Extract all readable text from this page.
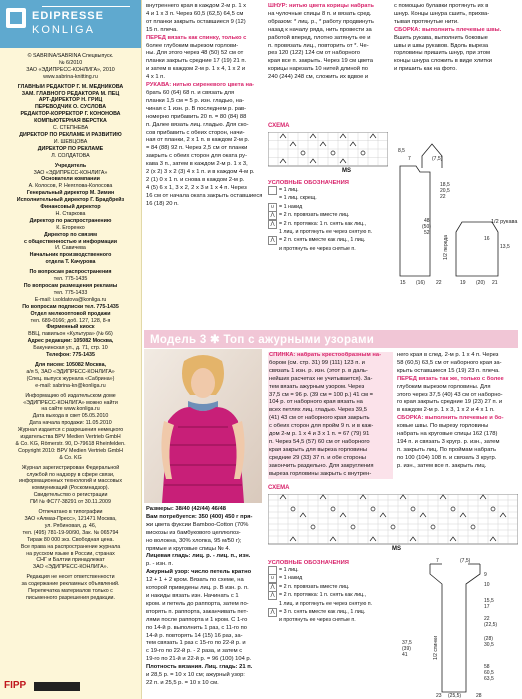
EDIPRESSE
KONLIGA
© SABRINA/SABRINA Спецвыпуск.
№ 6/2010
ЗАО «ЭДИПРЕСС-КОНЛИГА», 2010
www.sabrina-knitting.ru
ГЛАВНЫЙ РЕДАКТОР Г. М. МЕДНИКОВА
ЗАМ. ГЛАВНОГО РЕДАКТОРА М. ПЕЦ
АРТ-ДИРЕКТОР Н. ГРИЦ
ПЕРЕВОДЧИК О. СУСЛОВА
РЕДАКТОР-КОРРЕКТОР Г. КОНОНОВА
КОМПЬЮТЕРНАЯ ВЕРСТКА
С. СТЕПНЕВА
ДИРЕКТОР ПО РЕКЛАМЕ И РАЗВИТИЮ
И. ШЕВЦОВА
ДИРЕКТОР ПО РЕКЛАМЕ
Л. СОЛДАТОВА
Учредитель
ЗАО «ЭДИПРЕСС-КОНЛИГА»
Основатели компании
А. Колосов, Р. Неяглова-Колосова
Генеральный директор М. Зимин
Исполнительный директор Г. Брадбрейз
Финансовый директор
Н. Старкова
Директор по распространению
К. Егоренко
Директор по связям
с общественностью и информации
И. Савичева
Начальник производственного
отдела Т. Качурова
По вопросам распространения
тел. 775-1435
По вопросам размещения рекламы
тел. 775-1433
E-mail: i.soldatova@konliga.ru
По вопросам подписки тел. 775-1435
Отдел мелкооптовой продажи
тел. 689-0166; доб. 127, 128, 8-я
Фирменный киоск
ВВЦ, павильон «Культура» (№ 66)
Адрес редакции: 105082 Москва,
Бакунинская ул., д. 71, стр. 10
Телефон: 775-1435
Для писем: 105082 Москва,
а/я 5, ЗАО «ЭДИПРЕСС-КОНЛИГА»
(Спец. выпуск журнала «Сабрина»)
e-mail: sabrina-kn@konliga.ru
Информацию об издательском доме
«ЭДИПРЕСС-КОНЛИГА» можно найти
на сайте www.konliga.ru
Дата выхода в свет 05.05.2010
Дата начала продажи: 11.05.2010
Журнал издается с разрешения немецкого
издательства BPV Medien Vertrieb GmbH
& Co. KG, Römerstr. 90, D-79618 Rheinfelden.
Copyright 2010: BPV Medien Vertrieb GmbH
& Co. KG
Журнал зарегистрирован Федеральной
службой по надзору в сфере связи,
информационных технологий и массовых
коммуникаций (Роскомнадзор).
Свидетельство о регистрации
ПИ № ФС77-38291 от 30.11.2009
Отпечатано в типографии
ЗАО «Алмаз-Пресс», 121471 Москва,
ул. Рябиновая, д. 46,
тел. (495) 781-19-90/90, Зак. № 065794
Тираж 80 000 экз. Свободная цена.
Все права на распространение журнала
на русском языке в России, странах
СНГ и Балтии принадлежат
ЗАО «ЭДИПРЕСС-КОНЛИГА».
Редакция не несет ответственности
за содержание рекламных объявлений.
Перепечатка материалов только с
письменного разрешения редакции.
FIPP
внутреннего края в каждом 2-м р. 1 х
4 и 1 х 3 п. Через 60,5 (62,5) 64,5 см
от планки закрыть оставшиеся 9 (12)
15 п. плеча.
ПЕРЕД вязать как спинку, только с
более глубоким вырезом горлови-
ны. Для этого через 48 (50) 52 см от
планки закрыть средние 17 (19) 21 п.
и затем в каждом 2-м р. 1 х 4, 1 х 2 и
4 х 1 п.
РУКАВА: нитью сиреневого цвета на-
брать 60 (64) 68 п. и связать для
планки 1,5 см = 5 р. изн. гладью, на-
чиная с 1 изн. р. В последнем р. рав-
номерно прибавить 20 п. = 80 (84) 88
п. Далее вязать лиц. гладью. Для ско-
сов прибавить с обеих сторон, начи-
ная от планки, 2 х 1 п. в каждом 2-м р.
= 84 (88) 92 п. Через 2,5 см от планки
закрыть с обеих сторон для окатa ру-
кава 3 п., затем в каждом 2-м р. 1 х 3,
2 (х 2) 3 х 2 (3) 4 х 1 п. и в каждом 4-м р.
2 (1) 0 х 1 п. и снова в каждом 2-м р.
4 (5) 6 х 1, 3 х 2, 2 х 3 и 1 х 4 п. Через
16 см от начала окатa закрыть оставшиеся
16 (18) 20 п.
ШНУР: нитью цвета корицы набрать
на чулочные спицы 8 п. и вязать сред.
образом: * лиц. р., * работу продвинуть
назад к началу ряда, нить провести за
работой вперед, плотно затянуть ее и
п. провязать лиц., повторить от *. Че-
рез 120 (122) 124 см от наборного
края все п. закрыть. Через 19 см цвета
корицы нарезать 10 нитей длиной по
240 (244) 248 см, сложить их вдвое и
с помощью булавки протянуть их в
шнур. Концы шнура сшить, прихва-
тывая протянутые нити.
СБОРКА: выполнить плечевые швы.
Вшить рукава, выполнить боковые
швы и швы рукавов. Вдоль выреза
горловины пришить шнур, при этом
концы шнура сложить в виде хлитки
и пришить как на фото.
СХЕМА
MS
УСЛОВНЫЕ ОБОЗНАЧЕНИЯ
= 1 лиц.
= 1 лиц. скрещ.
∪ = 1 накид
⋀ = 2 п. провязать вместе лиц.
⋀ = 2 п. протяжка: 1 п. снять как лиц.,
1 лиц. и протянуть ее через снятую п.
⋀ = 2 п. снять вместе как лиц., 1 лиц.
и протянуть ее через снятые п.
8,5
7	(7,5)
18,5
20,5
22
48
(50)
52
15 (16) 22
16
13,5
19 (20) 21
1/2 рукава
1/2 переда
Модель 3 ✱ Топ с ажурными узорами
Размеры: 38/40 (42/44) 46/48
Вам потребуется: 350 (400) 450 г пря-
жи цвета фуксии Bamboo-Cotton (70%
вискозы из бамбукового целлюлоз-
но волокна, 30% хлопка, 95 м/50 г);
прямые и круговые спицы № 4.
Лицевая гладь: лиц. р. - лиц. п., изн.
р. - изн. п.
Ажурный узор: число петель кратно
12 + 1 + 2 кром. Вязать по схеме, на
которой приведены лиц. р. В изн. р. п.
и накиды вязать изн. Начинать с 1
кром. и петель до раппорта, затем по-
вторять п. раппорта, заканчивать пет-
лями после раппорта и 1 кром. С 1-го
по 14-й р. выполнить 1 раз, с 11-го по
14-й р. повторять 14 (15) 16 раз, за-
тем связать 1 раз с 15-го по 22-й р. и
с 19-го по 22-й р. - 2 раза, и затем с
19-го по 21-й и 22-й р. = 96 (100) 104 р.
Плотность вязания. Лиц. гладь: 21 п.
и 28,5 р. = 10 х 10 см; ажурный узор:
22 п. и 25,5 р. = 10 х 10 см.
СПИНКА: набрать крестообразным на-
бором (см. стр. 31) 99 (111) 123 п. и
связать 1 изн. р. изн. (этот р. в даль-
нейших расчетах не учитывается). За-
тем вязать ажурным узором. Через
37,5 см = 96 р. (39 см = 100 р.) 41 см =
104 р. от наборного края вязать на
всех петлях лиц. гладью. Через 39,5
(41) 43 см от наборного края закрыть
с обеих сторон для пройм 9 п. и в каж-
дом 2-м р. 1 х 4 и 3 х 1 п. = 67 (79) 91
п. Через 54,5 (57) 60 см от наборного
края закрыть для выреза горловины
средние 29 (33) 37 п. и обе стороны
закончить раздельно. Для закругления
выреза горловины закрыть с внутрен-
него края в след. 2-м р. 1 х 4 п. Через
58 (60,5) 63,5 см от наборного края за-
крыть оставшиеся 15 (19) 23 п. плеча.
ПЕРЕД вязать так же, только с более
глубоким вырезом горловины. Для
этого через 37,5 (40) 43 см от наборно-
го края закрыть средние 19 (23) 27 п. и
в каждом 2-м р. 1 х 3, 1 х 2 и 4 х 1 п.
СБОРКА: выполнить плечевые и бо-
ковые швы. По вырезу горловины
набрать на круговые спицы 162 (178)
194 п. и связать 3 кругр. р. изн., затем
п. закрыть лиц. По проймам набрать
по 100 (104) 108 п. и связать 3 кругр.
р. изн., затем все п. закрыть лиц.
СХЕМА
MS
УСЛОВНЫЕ ОБОЗНАЧЕНИЯ
= 1 лиц.
∪ = 1 накид
⋀ = 2 п. провязать вместе лиц.
⋀ = 2 п. протяжка: 1 п. снять как лиц.,
1 лиц. и протянуть ее через снятую п.
⋀ = 3 п. снять вместе как лиц., 1 лиц.
и протянуть ее через снятые п.
7	(7,5)
9
10
15,5
17
22
(22,5)
(28)
30,5
37,5
(39)
41
58
60,5
63,5
23 (25,5)	28
1/2 спинки
